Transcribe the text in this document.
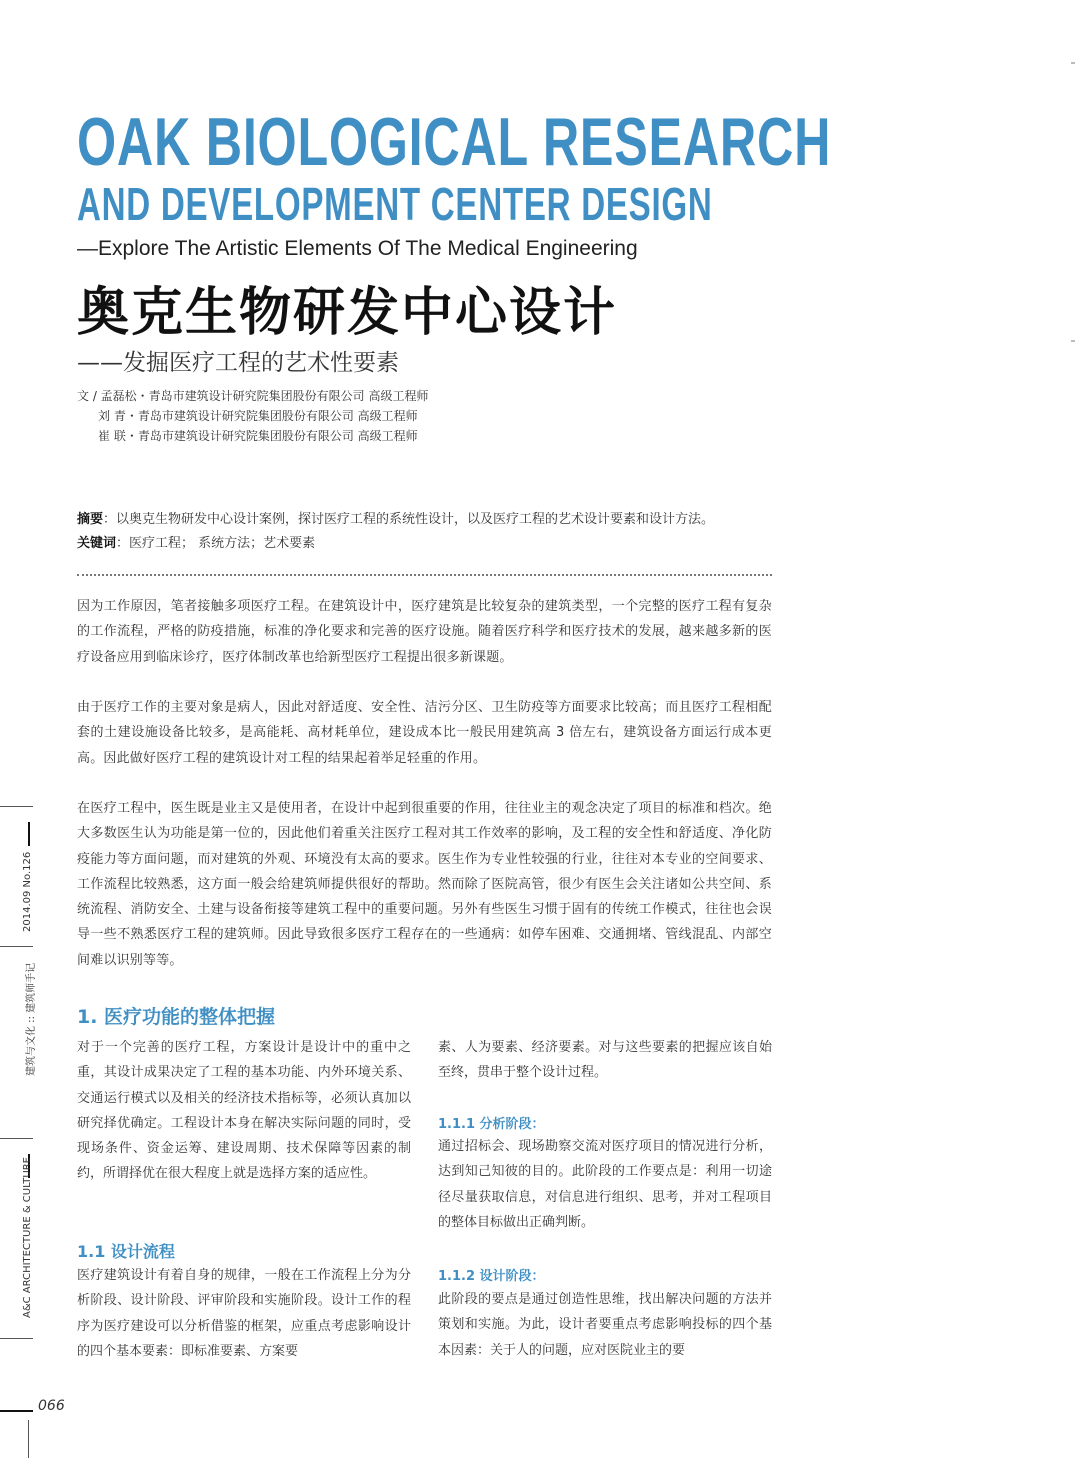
OAK BIOLOGICAL RESEARCH
AND DEVELOPMENT CENTER DESIGN
—Explore The Artistic Elements Of The Medical Engineering
奥克生物研发中心设计
——发掘医疗工程的艺术性要素
文 / 孟磊松・青岛市建筑设计研究院集团股份有限公司 高级工程师
刘 青・青岛市建筑设计研究院集团股份有限公司 高级工程师
崔 联・青岛市建筑设计研究院集团股份有限公司 高级工程师
摘要：以奥克生物研发中心设计案例，探讨医疗工程的系统性设计，以及医疗工程的艺术设计要素和设计方法。
关键词：医疗工程； 系统方法；艺术要素
因为工作原因，笔者接触多项医疗工程。在建筑设计中，医疗建筑是比较复杂的建筑类型，一个完整的医疗工程有复杂的工作流程，严格的防疫措施，标准的净化要求和完善的医疗设施。随着医疗科学和医疗技术的发展，越来越多新的医疗设备应用到临床诊疗，医疗体制改革也给新型医疗工程提出很多新课题。
由于医疗工作的主要对象是病人，因此对舒适度、安全性、洁污分区、卫生防疫等方面要求比较高；而且医疗工程相配套的土建设施设备比较多，是高能耗、高材耗单位，建设成本比一般民用建筑高 3 倍左右，建筑设备方面运行成本更高。因此做好医疗工程的建筑设计对工程的结果起着举足轻重的作用。
在医疗工程中，医生既是业主又是使用者，在设计中起到很重要的作用，往往业主的观念决定了项目的标准和档次。绝大多数医生认为功能是第一位的，因此他们着重关注医疗工程对其工作效率的影响，及工程的安全性和舒适度、净化防疫能力等方面问题，而对建筑的外观、环境没有太高的要求。医生作为专业性较强的行业，往往对本专业的空间要求、工作流程比较熟悉，这方面一般会给建筑师提供很好的帮助。然而除了医院高管，很少有医生会关注诸如公共空间、系统流程、消防安全、土建与设备衔接等建筑工程中的重要问题。另外有些医生习惯于固有的传统工作模式，往往也会误导一些不熟悉医疗工程的建筑师。因此导致很多医疗工程存在的一些通病：如停车困难、交通拥堵、管线混乱、内部空间难以识别等等。
1. 医疗功能的整体把握
对于一个完善的医疗工程，方案设计是设计中的重中之重，其设计成果决定了工程的基本功能、内外环境关系、交通运行模式以及相关的经济技术指标等，必须认真加以研究择优确定。工程设计本身在解决实际问题的同时，受现场条件、资金运筹、建设周期、技术保障等因素的制约，所谓择优在很大程度上就是选择方案的适应性。
1.1 设计流程
医疗建筑设计有着自身的规律，一般在工作流程上分为分析阶段、设计阶段、评审阶段和实施阶段。设计工作的程序为医疗建设可以分析借鉴的框架，应重点考虑影响设计的四个基本要素：即标准要素、方案要
素、人为要素、经济要素。对与这些要素的把握应该自始至终，贯串于整个设计过程。
1.1.1 分析阶段：
通过招标会、现场勘察交流对医疗项目的情况进行分析，达到知己知彼的目的。此阶段的工作要点是：利用一切途径尽量获取信息，对信息进行组织、思考，并对工程项目的整体目标做出正确判断。
1.1.2 设计阶段：
此阶段的要点是通过创造性思维，找出解决问题的方法并策划和实施。为此，设计者要重点考虑影响投标的四个基本因素：关于人的问题，应对医院业主的要
2014.09 No.126
建筑与文化 :: 建筑师手记
A&C ARCHITECTURE & CULTURE
066
